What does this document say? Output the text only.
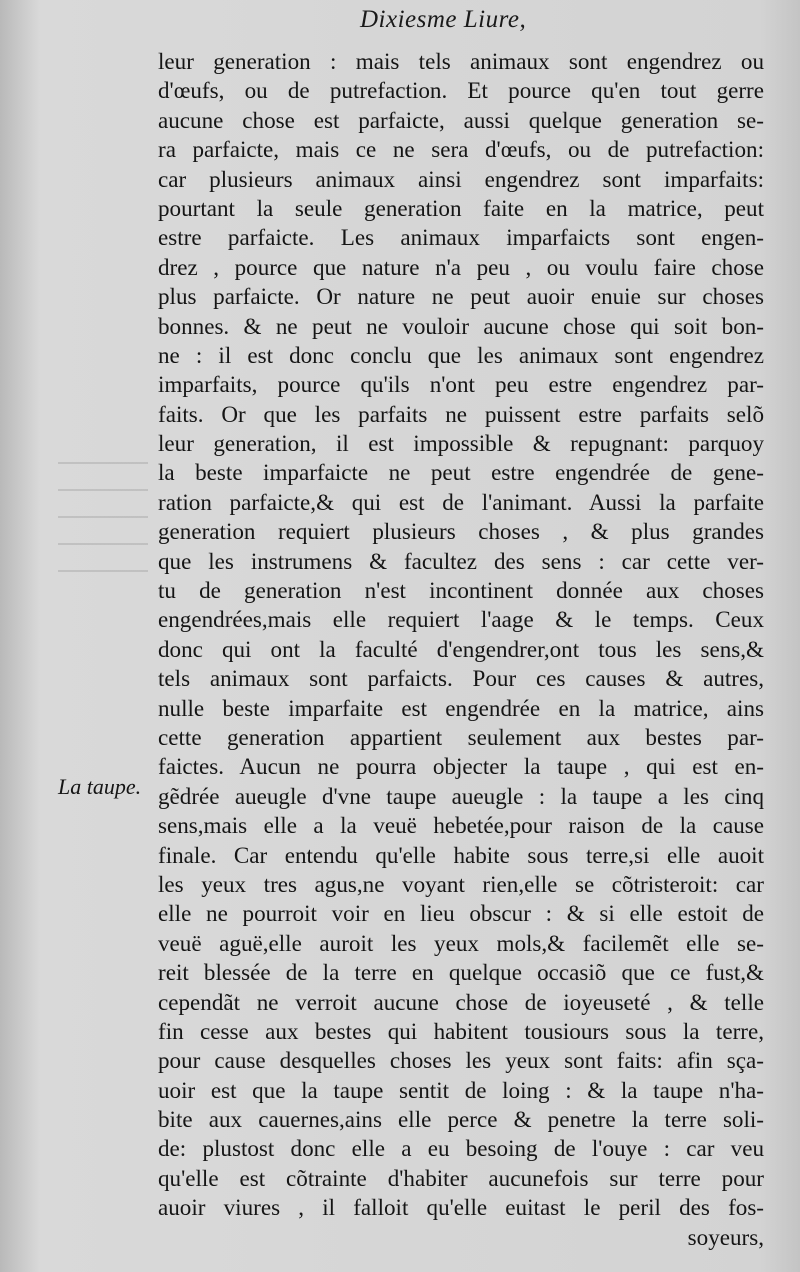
Dixiesme Liure,
La taupe.
leur generation : mais tels animaux sont engendrez ou
d'œufs, ou de putrefaction. Et pource qu'en tout gerre
aucune chose est parfaicte, aussi quelque generation se-
ra parfaicte, mais ce ne sera d'œufs, ou de putrefaction:
car plusieurs animaux ainsi engendrez sont imparfaits:
pourtant la seule generation faite en la matrice, peut
estre parfaicte. Les animaux imparfaicts sont engen-
drez , pource que nature n'a peu , ou voulu faire chose
plus parfaicte. Or nature ne peut auoir enuie sur choses
bonnes. & ne peut ne vouloir aucune chose qui soit bon-
ne : il est donc conclu que les animaux sont engendrez
imparfaits, pource qu'ils n'ont peu estre engendrez par-
faits. Or que les parfaits ne puissent estre parfaits selõ
leur generation, il est impossible & repugnant: parquoy
la beste imparfaicte ne peut estre engendrée de gene-
ration parfaicte,& qui est de l'animant. Aussi la parfaite
generation requiert plusieurs choses , & plus grandes
que les instrumens & facultez des sens : car cette ver-
tu de generation n'est incontinent donnée aux choses
engendrées,mais elle requiert l'aage & le temps. Ceux
donc qui ont la faculté d'engendrer,ont tous les sens,&
tels animaux sont parfaicts. Pour ces causes & autres,
nulle beste imparfaite est engendrée en la matrice, ains
cette generation appartient seulement aux bestes par-
faictes. Aucun ne pourra objecter la taupe , qui est en-
gẽdrée aueugle d'vne taupe aueugle : la taupe a les cinq
sens,mais elle a la veuë hebetée,pour raison de la cause
finale. Car entendu qu'elle habite sous terre,si elle auoit
les yeux tres agus,ne voyant rien,elle se cõtristeroit: car
elle ne pourroit voir en lieu obscur : & si elle estoit de
veuë aguë,elle auroit les yeux mols,& facilemẽt elle se-
reit blessée de la terre en quelque occasiõ que ce fust,&
cependãt ne verroit aucune chose de ioyeuseté , & telle
fin cesse aux bestes qui habitent tousiours sous la terre,
pour cause desquelles choses les yeux sont faits: afin sça-
uoir est que la taupe sentit de loing : & la taupe n'ha-
bite aux cauernes,ains elle perce & penetre la terre soli-
de: plustost donc elle a eu besoing de l'ouye : car veu
qu'elle est cõtrainte d'habiter aucunefois sur terre pour
auoir viures , il falloit qu'elle euitast le peril des fos-
soyeurs,
